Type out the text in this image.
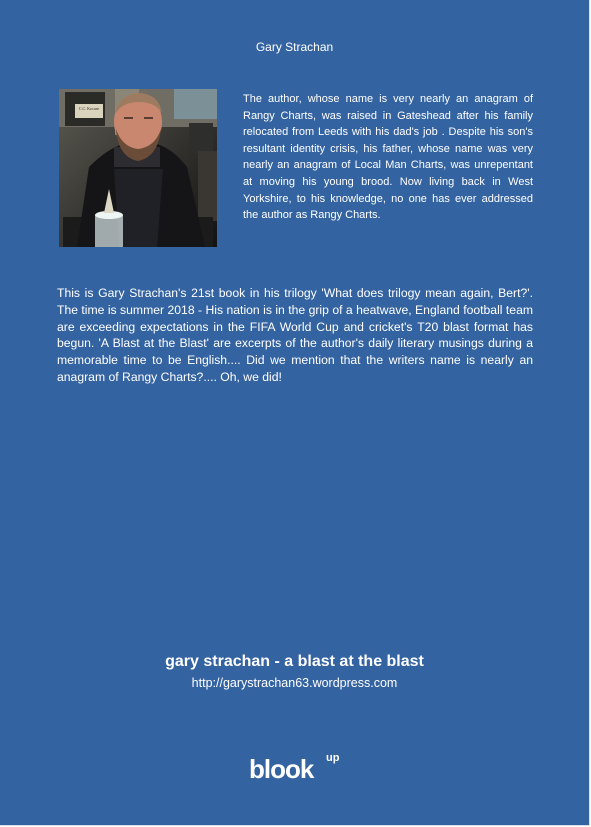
Gary Strachan
C.C. Kocuse

The author, whose name is very nearly an anagram of Rangy Charts, was raised in Gateshead after his family relocated from Leeds with his dad's job . Despite his son's resultant identity crisis, his father, whose name was very nearly an anagram of Local Man Charts, was unrepentant at moving his young brood. Now living back in West Yorkshire, to his knowledge, no one has ever addressed the author as Rangy Charts.

This is Gary Strachan's 21st book in his trilogy 'What does trilogy mean again, Bert?'. The time is summer 2018 - His nation is in the grip of a heatwave, England football team are exceeding expectations in the FIFA World Cup and cricket's T20 blast format has begun. 'A Blast at the Blast' are excerpts of the author's daily literary musings during a memorable time to be English.... Did we mention that the writers name is nearly an anagram of Rangy Charts?.... Oh, we did!

gary strachan - a blast at the blast
http://garystrachan63.wordpress.com
blook up
